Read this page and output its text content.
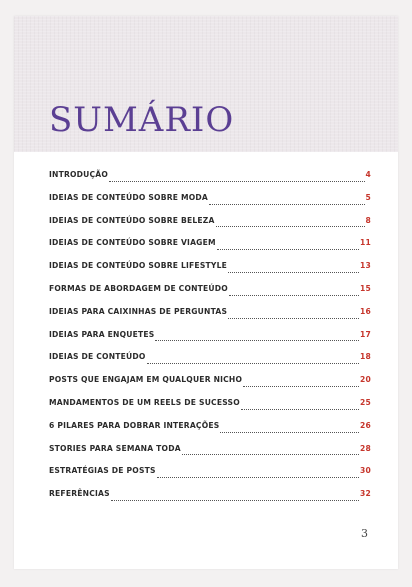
SUMÁRIO
INTRODUÇÃO	4
IDEIAS DE CONTEÚDO SOBRE MODA	5
IDEIAS DE CONTEÚDO SOBRE BELEZA	8
IDEIAS DE CONTEÚDO SOBRE VIAGEM	11
IDEIAS DE CONTEÚDO SOBRE LIFESTYLE	13
FORMAS DE ABORDAGEM DE CONTEÚDO	15
IDEIAS PARA CAIXINHAS DE PERGUNTAS	16
IDEIAS PARA ENQUETES	17
IDEIAS DE CONTEÚDO	18
POSTS QUE ENGAJAM EM QUALQUER NICHO	20
MANDAMENTOS DE UM REELS DE SUCESSO	25
6 PILARES PARA DOBRAR INTERAÇÕES	26
STORIES PARA SEMANA TODA	28
ESTRATÉGIAS DE POSTS	30
REFERÊNCIAS	32
3
